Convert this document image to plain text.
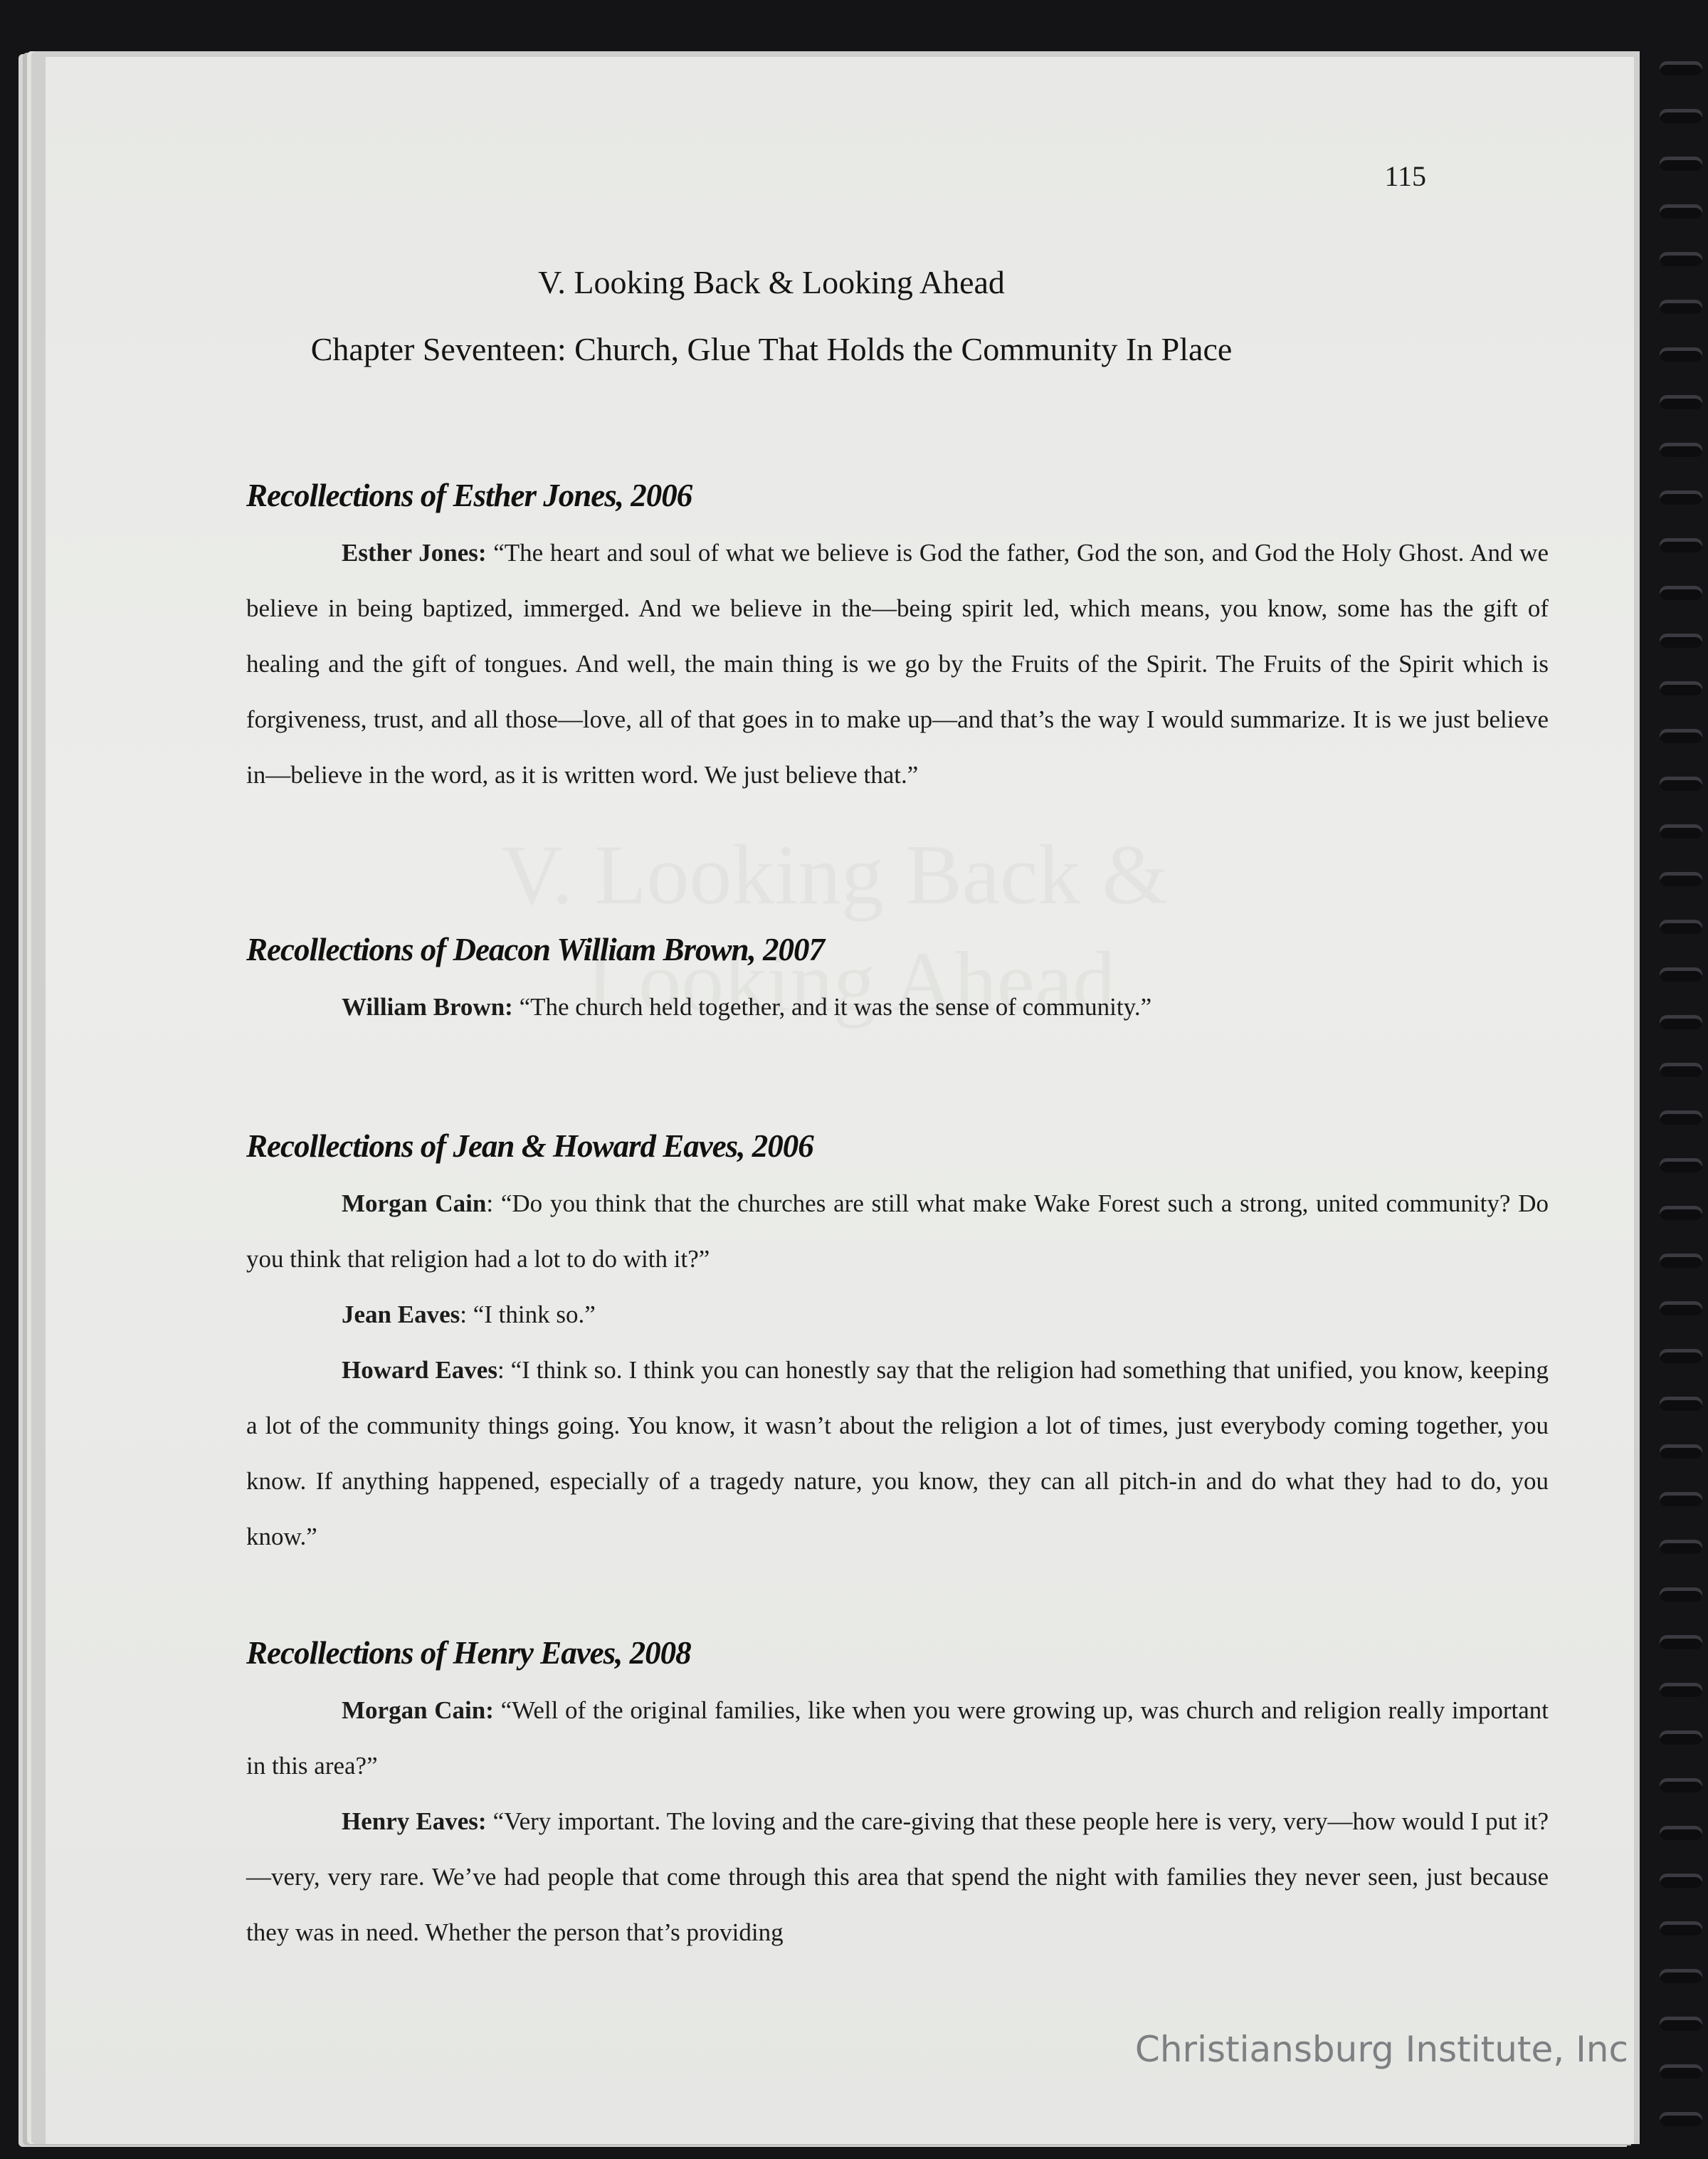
115
V. Looking Back & Looking Ahead
Chapter Seventeen: Church, Glue That Holds the Community In Place
Recollections of Esther Jones, 2006
Esther Jones: “The heart and soul of what we believe is God the father, God the son, and God the Holy Ghost. And we believe in being baptized, immerged. And we believe in the—being spirit led, which means, you know, some has the gift of healing and the gift of tongues. And well, the main thing is we go by the Fruits of the Spirit. The Fruits of the Spirit which is forgiveness, trust, and all those—love, all of that goes in to make up—and that’s the way I would summarize. It is we just believe in—believe in the word, as it is written word. We just believe that.”
Recollections of Deacon William Brown, 2007
William Brown: “The church held together, and it was the sense of community.”
Recollections of Jean & Howard Eaves, 2006
Morgan Cain: “Do you think that the churches are still what make Wake Forest such a strong, united community? Do you think that religion had a lot to do with it?”
Jean Eaves: “I think so.”
Howard Eaves: “I think so. I think you can honestly say that the religion had something that unified, you know, keeping a lot of the community things going. You know, it wasn’t about the religion a lot of times, just everybody coming together, you know. If anything happened, especially of a tragedy nature, you know, they can all pitch-in and do what they had to do, you know.”
Recollections of Henry Eaves, 2008
Morgan Cain: “Well of the original families, like when you were growing up, was church and religion really important in this area?”
Henry Eaves: “Very important. The loving and the care-giving that these people here is very, very—how would I put it?—very, very rare. We’ve had people that come through this area that spend the night with families they never seen, just because they was in need. Whether the person that’s providing
Christiansburg Institute, Inc
